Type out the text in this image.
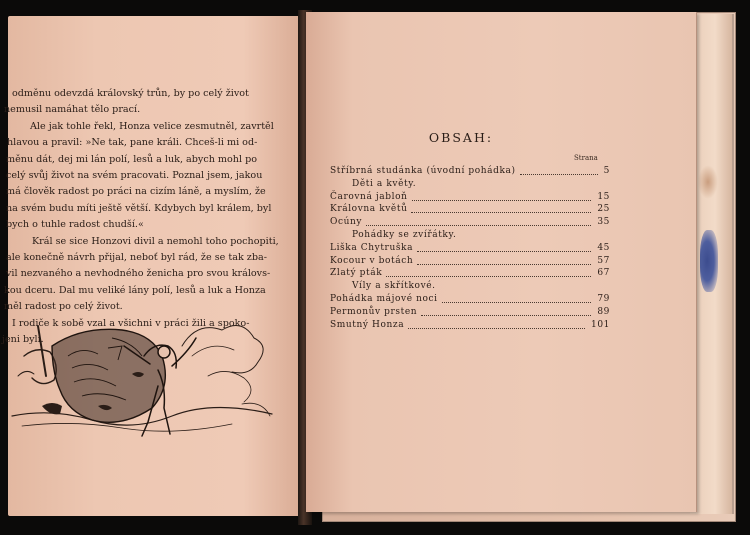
odměnu odevzdá královský trůn, by po celý život
nemusil namáhat tělo prací.
Ale jak tohle řekl, Honza velice zesmutněl, zavrtěl
hlavou a pravil: »Ne tak, pane králi. Chceš-li mi od-
měnu dát, dej mi lán polí, lesů a luk, abych mohl po
celý svůj život na svém pracovati. Poznal jsem, jakou
má člověk radost po práci na cizím láně, a myslím, že
na svém budu míti ještě větší. Kdybych byl králem, byl
bych o tuhle radost chudší.«
Král se sice Honzovi divil a nemohl toho pochopiti,
ale konečně návrh přijal, neboť byl rád, že se tak zba-
vil nezvaného a nevhodného ženicha pro svou královs-
kou dceru. Dal mu veliké lány polí, lesů a luk a Honza
měl radost po celý život.
I rodiče k sobě vzal a všichni v práci žili a spoko-
jeni byli.
OBSAH:
Strana
Stříbrná studánka (úvodní pohádka)	5
Děti a květy.
Čarovná jabloň	15
Královna květů	25
Ocúny	35
Pohádky se zvířátky.
Liška Chytruška	45
Kocour v botách	57
Zlatý pták	67
Víly a skřítkové.
Pohádka májové noci	79
Permonův prsten	89
Smutný Honza	101
